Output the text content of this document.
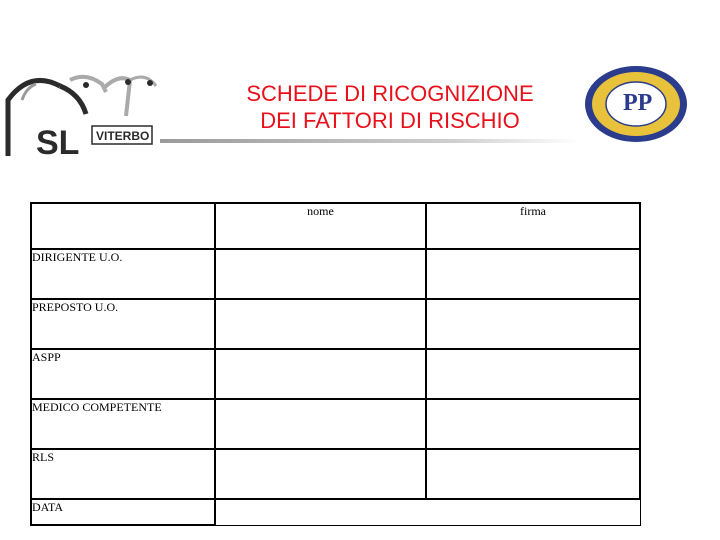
SL VITERBO
SCHEDE DI RICOGNIZIONE
DEI FATTORI DI RISCHIO
PP
	nome	firma
DIRIGENTE U.O.		
PREPOSTO U.O.		
ASPP		
MEDICO COMPETENTE		
RLS		
DATA		
